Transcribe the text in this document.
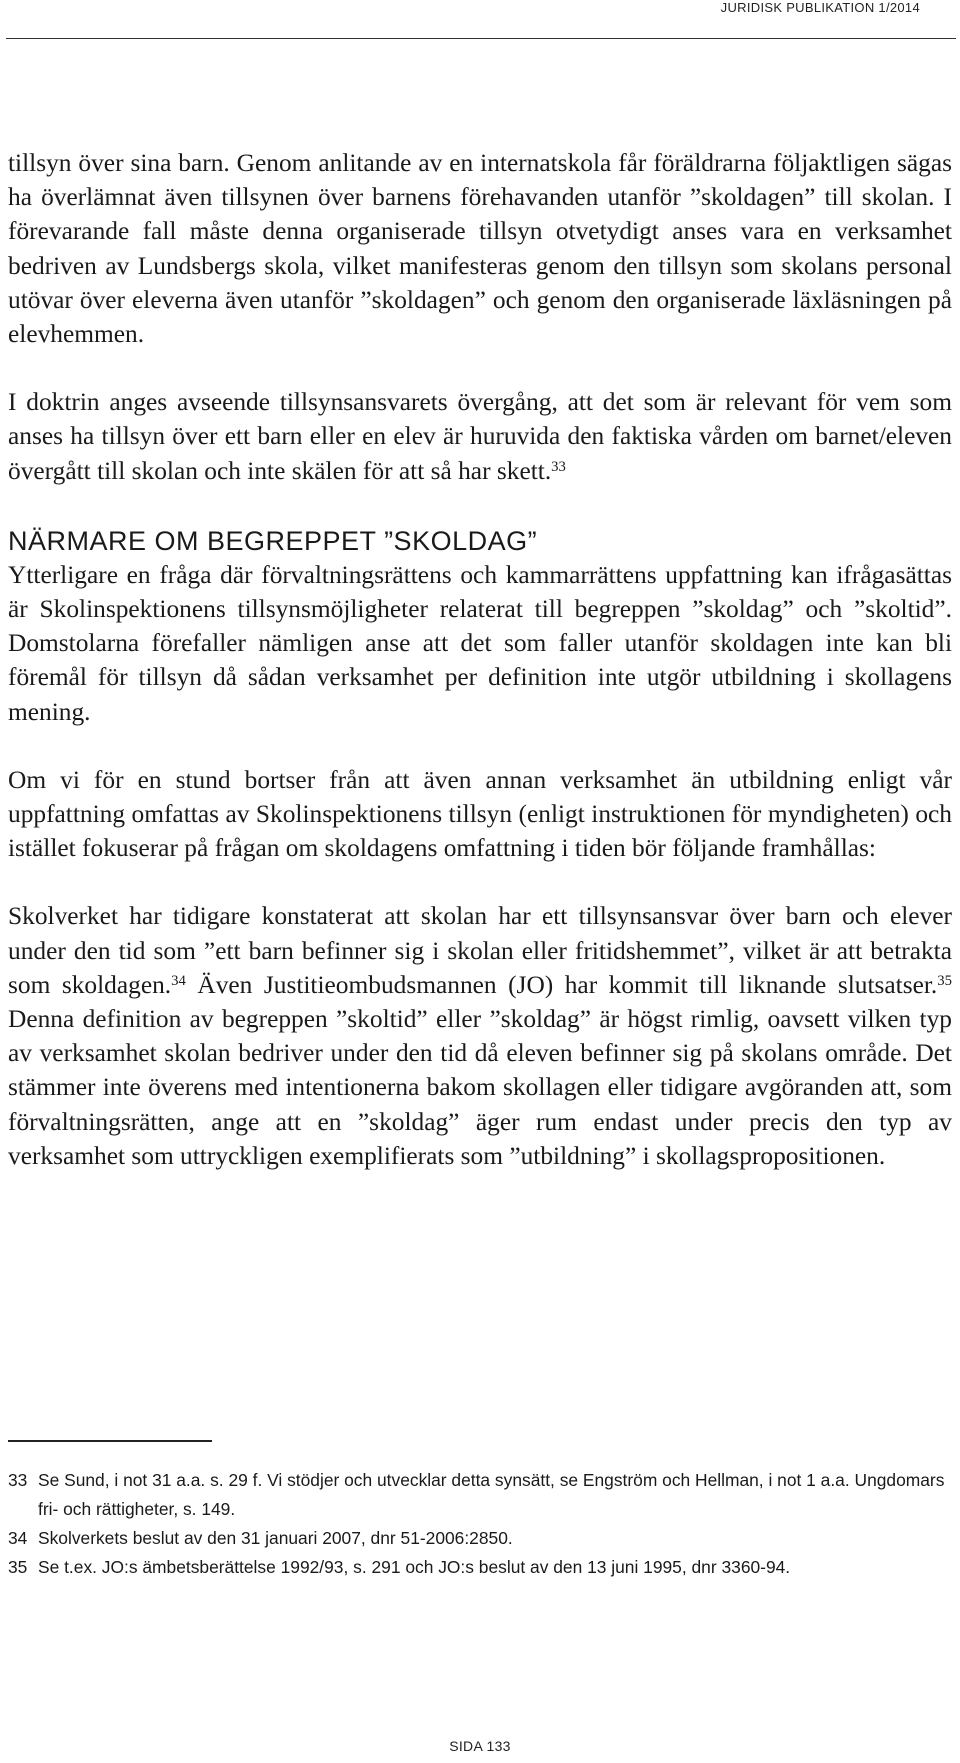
JURIDISK PUBLIKATION 1/2014

tillsyn över sina barn. Genom anlitande av en internatskola får föräldrarna följaktligen sägas ha överlämnat även tillsynen över barnens förehavanden utanför ”skoldagen” till skolan. I förevarande fall måste denna organiserade tillsyn otvetydigt anses vara en verksamhet bedriven av Lundsbergs skola, vilket manifesteras genom den tillsyn som skolans personal utövar över eleverna även utanför ”skoldagen” och genom den organiserade läxläsningen på elevhemmen.

I doktrin anges avseende tillsynsansvarets övergång, att det som är relevant för vem som anses ha tillsyn över ett barn eller en elev är huruvida den faktiska vården om barnet/eleven övergått till skolan och inte skälen för att så har skett.$^{33}$

NÄRMARE OM BEGREPPET ”SKOLDAG”

Ytterligare en fråga där förvaltningsrättens och kammarrättens uppfattning kan ifrågasättas är Skolinspektionens tillsynsmöjligheter relaterat till begreppen ”skoldag” och ”skoltid”. Domstolarna förefaller nämligen anse att det som faller utanför skoldagen inte kan bli föremål för tillsyn då sådan verksamhet per definition inte utgör utbildning i skollagens mening.

Om vi för en stund bortser från att även annan verksamhet än utbildning enligt vår uppfattning omfattas av Skolinspektionens tillsyn (enligt instruktionen för myndigheten) och istället fokuserar på frågan om skoldagens omfattning i tiden bör följande framhållas:

Skolverket har tidigare konstaterat att skolan har ett tillsynsansvar över barn och elever under den tid som ”ett barn befinner sig i skolan eller fritidshemmet”, vilket är att betrakta som skoldagen.$^{34}$ Även Justitieombudsmannen (JO) har kommit till liknande slutsatser.$^{35}$ Denna definition av begreppen ”skoltid” eller ”skoldag” är högst rimlig, oavsett vilken typ av verksamhet skolan bedriver under den tid då eleven befinner sig på skolans område. Det stämmer inte överens med intentionerna bakom skollagen eller tidigare avgöranden att, som förvaltningsrätten, ange att en ”skoldag” äger rum endast under precis den typ av verksamhet som uttryckligen exemplifierats som ”utbildning” i skollagspropositionen.

33 Se Sund, i not 31 a.a. s. 29 f. Vi stödjer och utvecklar detta synsätt, se Engström och Hellman, i not 1 a.a. Ungdomars fri- och rättigheter, s. 149.
34 Skolverkets beslut av den 31 januari 2007, dnr 51-2006:2850.
35 Se t.ex. JO:s ämbetsberättelse 1992/93, s. 291 och JO:s beslut av den 13 juni 1995, dnr 3360-94.
SIDA 133
